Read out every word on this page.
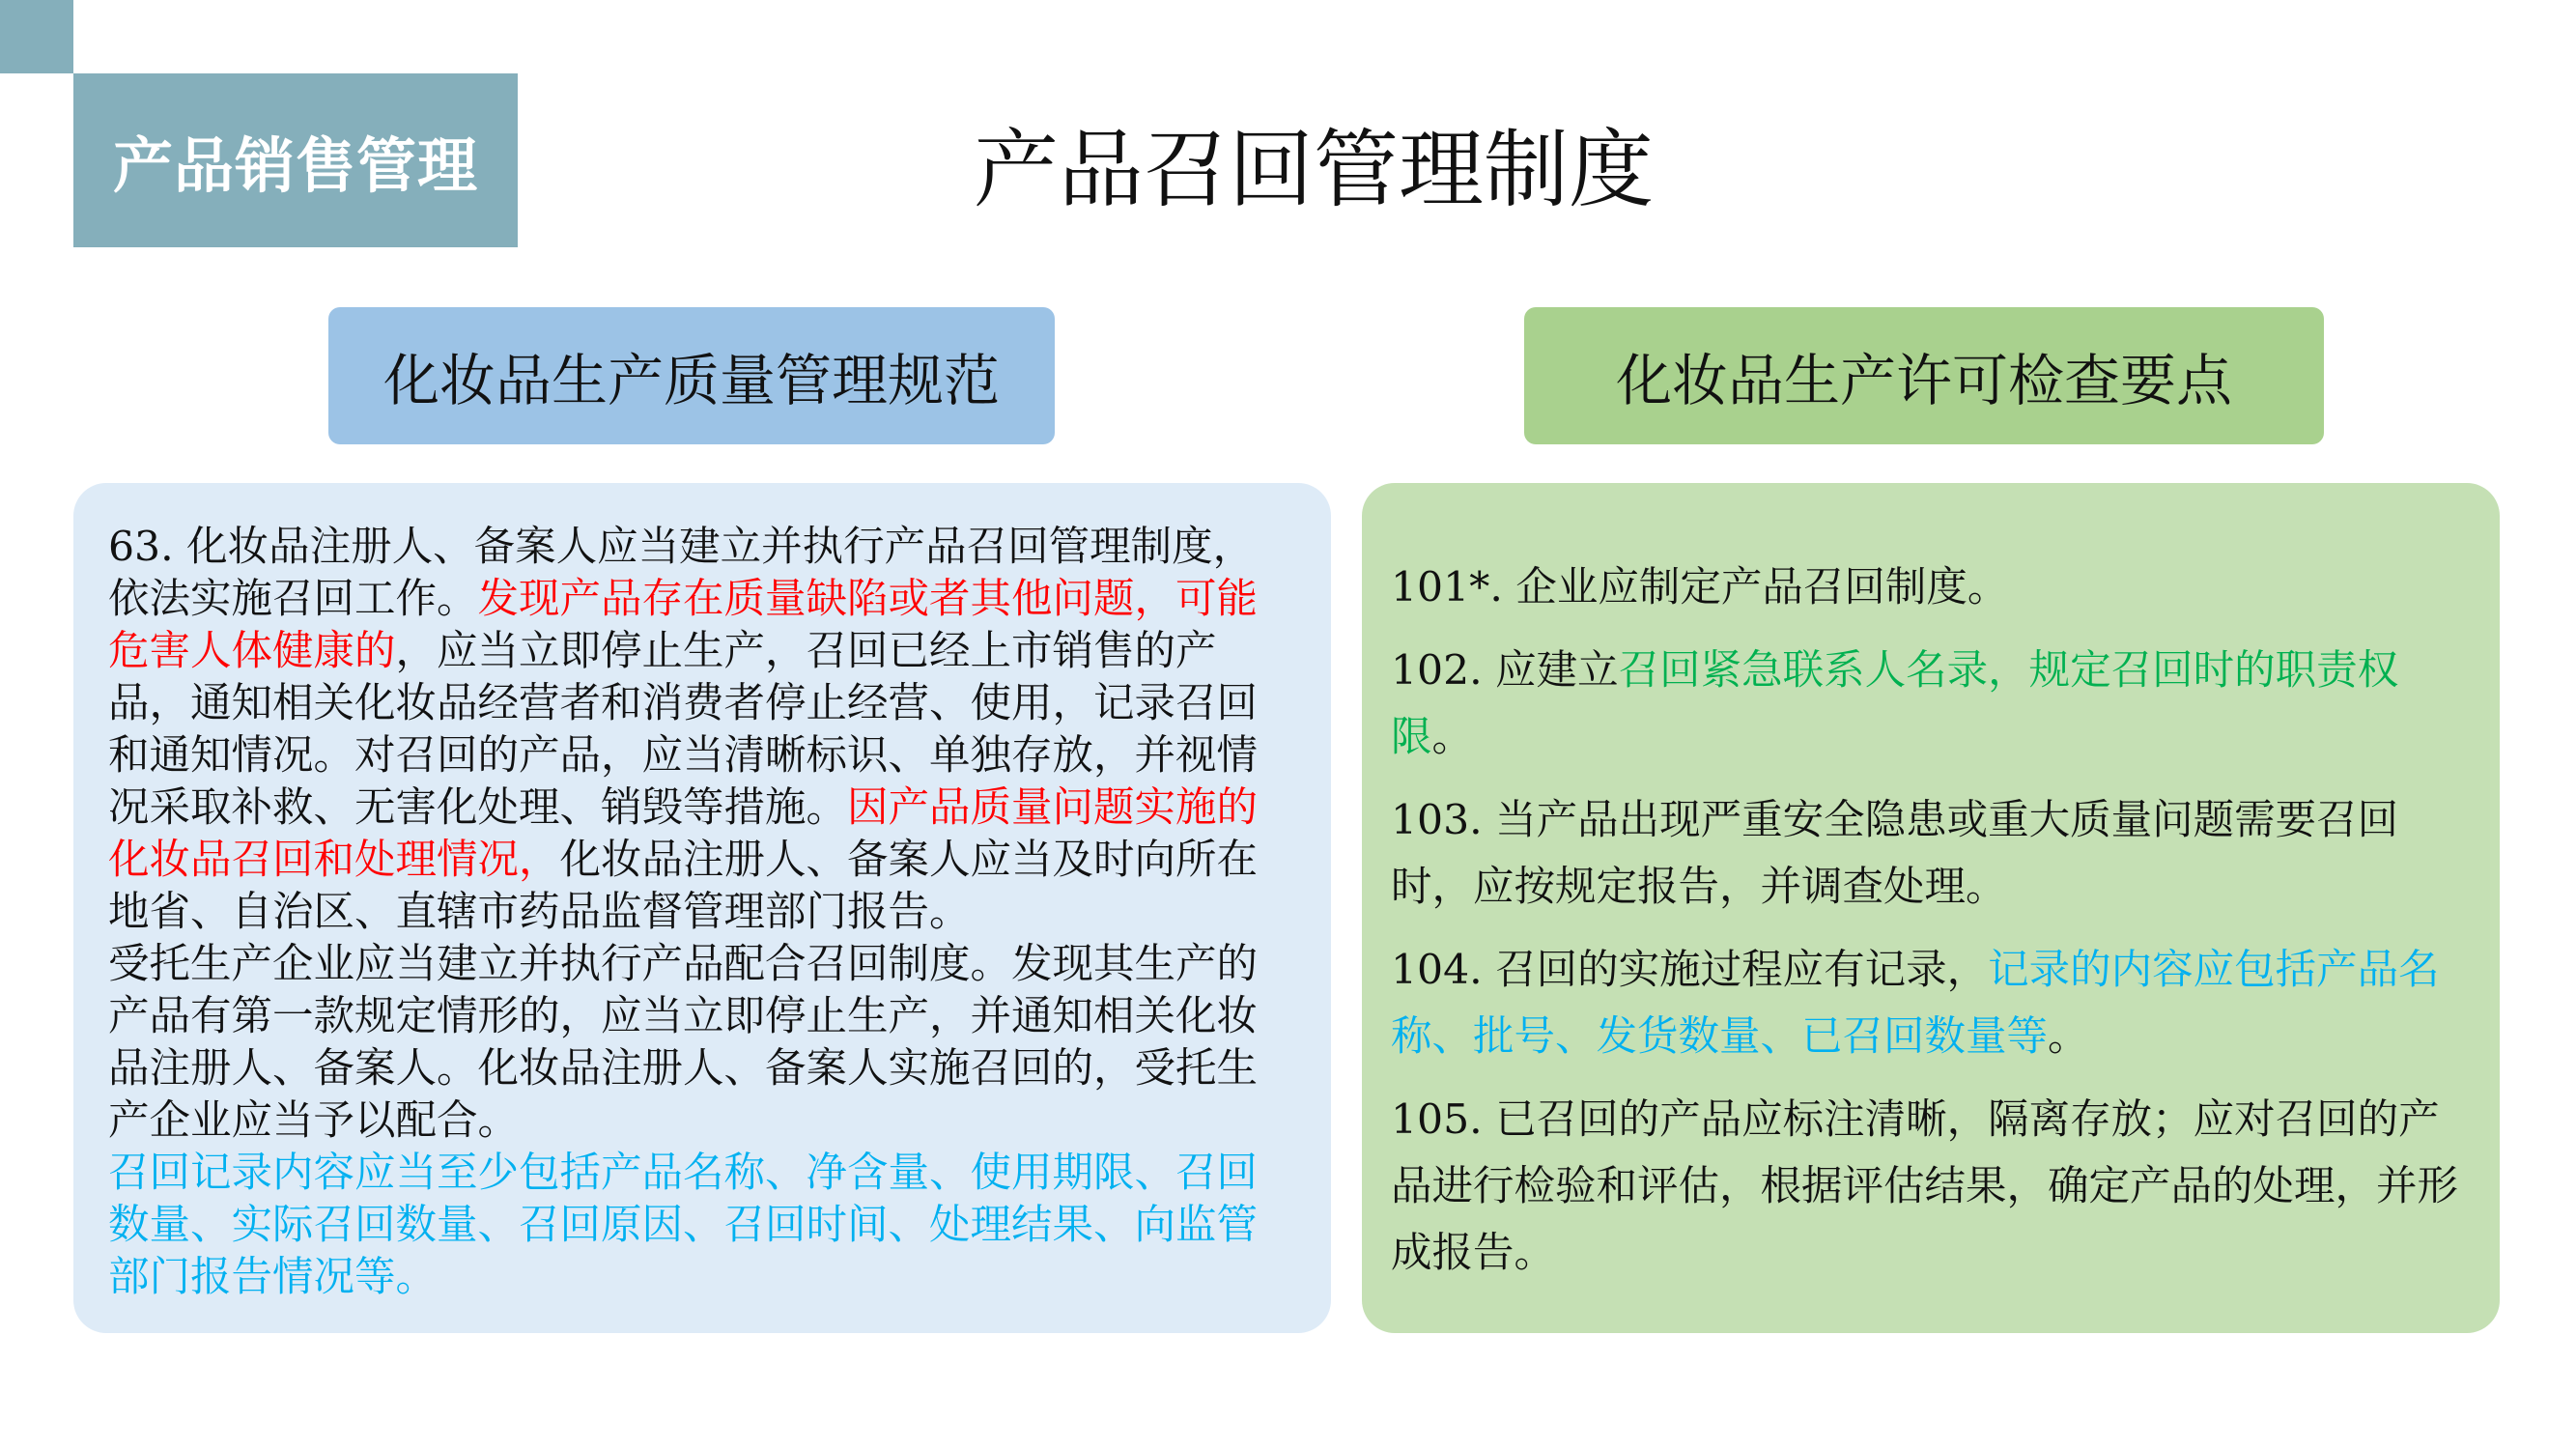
产品销售管理	产品召回管理制度
化妆品生产质量管理规范	化妆品生产许可检查要点

63. 化妆品注册人、备案人应当建立并执行产品召回管理制度，依法实施召回工作。发现产品存在质量缺陷或者其他问题，可能危害人体健康的，应当立即停止生产，召回已经上市销售的产品，通知相关化妆品经营者和消费者停止经营、使用，记录召回和通知情况。对召回的产品，应当清晰标识、单独存放，并视情况采取补救、无害化处理、销毁等措施。因产品质量问题实施的化妆品召回和处理情况，化妆品注册人、备案人应当及时向所在地省、自治区、直辖市药品监督管理部门报告。

受托生产企业应当建立并执行产品配合召回制度。发现其生产的产品有第一款规定情形的，应当立即停止生产，并通知相关化妆品注册人、备案人。化妆品注册人、备案人实施召回的，受托生产企业应当予以配合。

召回记录内容应当至少包括产品名称、净含量、使用期限、召回数量、实际召回数量、召回原因、召回时间、处理结果、向监管部门报告情况等。

101*. 企业应制定产品召回制度。

102. 应建立召回紧急联系人名录，规定召回时的职责权限。

103. 当产品出现严重安全隐患或重大质量问题需要召回时，应按规定报告，并调查处理。

104. 召回的实施过程应有记录，记录的内容应包括产品名称、批号、发货数量、已召回数量等。

105. 已召回的产品应标注清晰，隔离存放；应对召回的产品进行检验和评估，根据评估结果，确定产品的处理，并形成报告。
